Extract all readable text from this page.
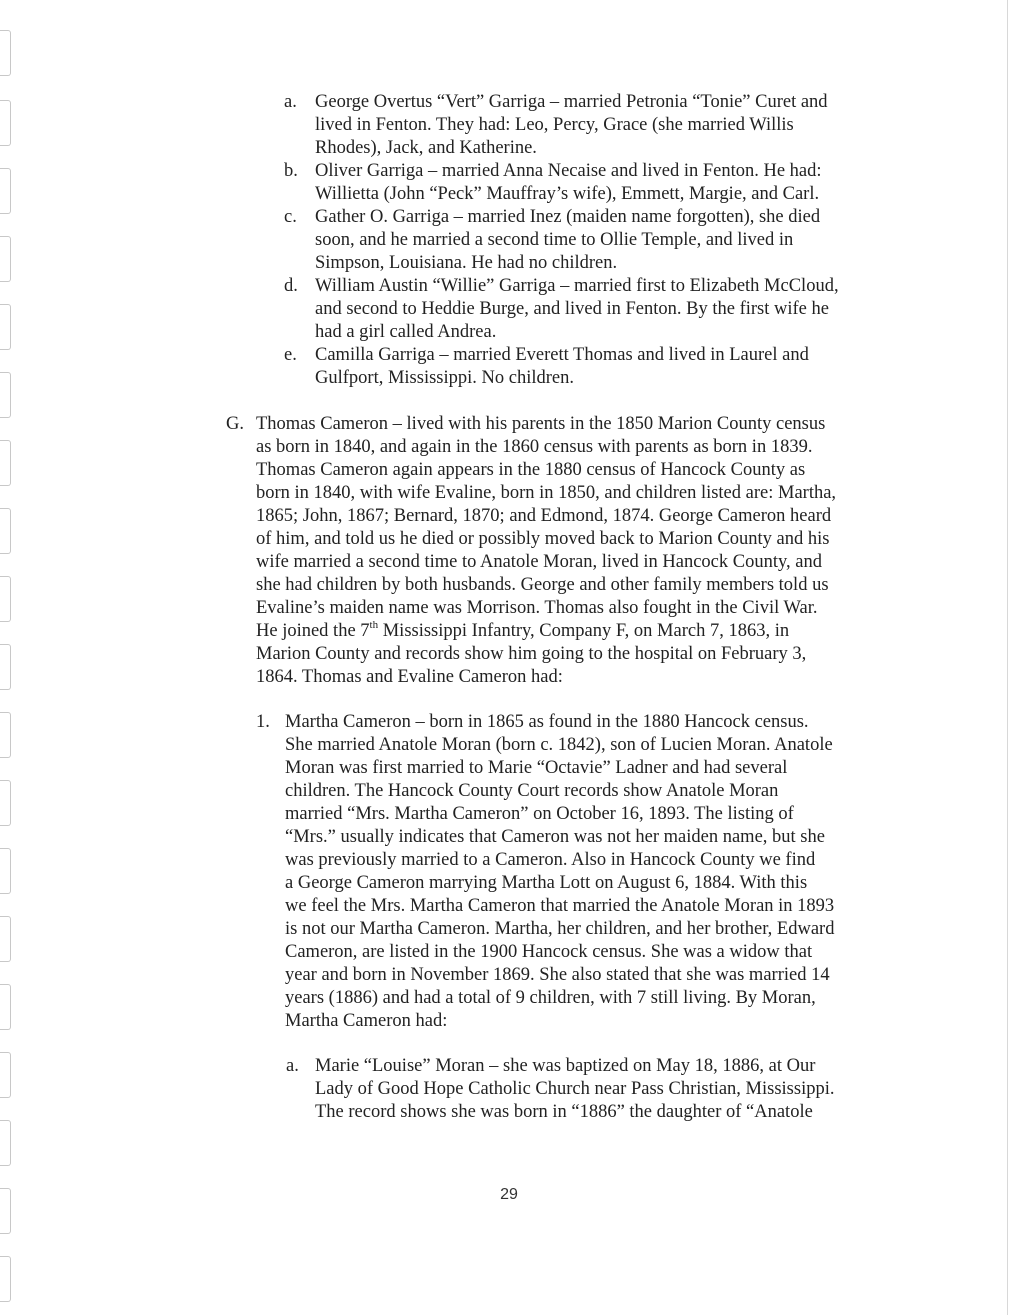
a. George Overtus “Vert” Garriga – married Petronia “Tonie” Curet and
lived in Fenton. They had: Leo, Percy, Grace (she married Willis
Rhodes), Jack, and Katherine.
b. Oliver Garriga – married Anna Necaise and lived in Fenton. He had:
Willietta (John “Peck” Mauffray’s wife), Emmett, Margie, and Carl.
c. Gather O. Garriga – married Inez (maiden name forgotten), she died
soon, and he married a second time to Ollie Temple, and lived in
Simpson, Louisiana. He had no children.
d. William Austin “Willie” Garriga – married first to Elizabeth McCloud,
and second to Heddie Burge, and lived in Fenton. By the first wife he
had a girl called Andrea.
e. Camilla Garriga – married Everett Thomas and lived in Laurel and
Gulfport, Mississippi. No children.
G. Thomas Cameron – lived with his parents in the 1850 Marion County census
as born in 1840, and again in the 1860 census with parents as born in 1839.
Thomas Cameron again appears in the 1880 census of Hancock County as
born in 1840, with wife Evaline, born in 1850, and children listed are: Martha,
1865; John, 1867; Bernard, 1870; and Edmond, 1874. George Cameron heard
of him, and told us he died or possibly moved back to Marion County and his
wife married a second time to Anatole Moran, lived in Hancock County, and
she had children by both husbands. George and other family members told us
Evaline’s maiden name was Morrison. Thomas also fought in the Civil War.
He joined the 7th Mississippi Infantry, Company F, on March 7, 1863, in
Marion County and records show him going to the hospital on February 3,
1864. Thomas and Evaline Cameron had:
1. Martha Cameron – born in 1865 as found in the 1880 Hancock census.
She married Anatole Moran (born c. 1842), son of Lucien Moran. Anatole
Moran was first married to Marie “Octavie” Ladner and had several
children. The Hancock County Court records show Anatole Moran
married “Mrs. Martha Cameron” on October 16, 1893. The listing of
“Mrs.” usually indicates that Cameron was not her maiden name, but she
was previously married to a Cameron. Also in Hancock County we find
a George Cameron marrying Martha Lott on August 6, 1884. With this
we feel the Mrs. Martha Cameron that married the Anatole Moran in 1893
is not our Martha Cameron. Martha, her children, and her brother, Edward
Cameron, are listed in the 1900 Hancock census. She was a widow that
year and born in November 1869. She also stated that she was married 14
years (1886) and had a total of 9 children, with 7 still living. By Moran,
Martha Cameron had:
a. Marie “Louise” Moran – she was baptized on May 18, 1886, at Our
Lady of Good Hope Catholic Church near Pass Christian, Mississippi.
The record shows she was born in “1886” the daughter of “Anatole
29
